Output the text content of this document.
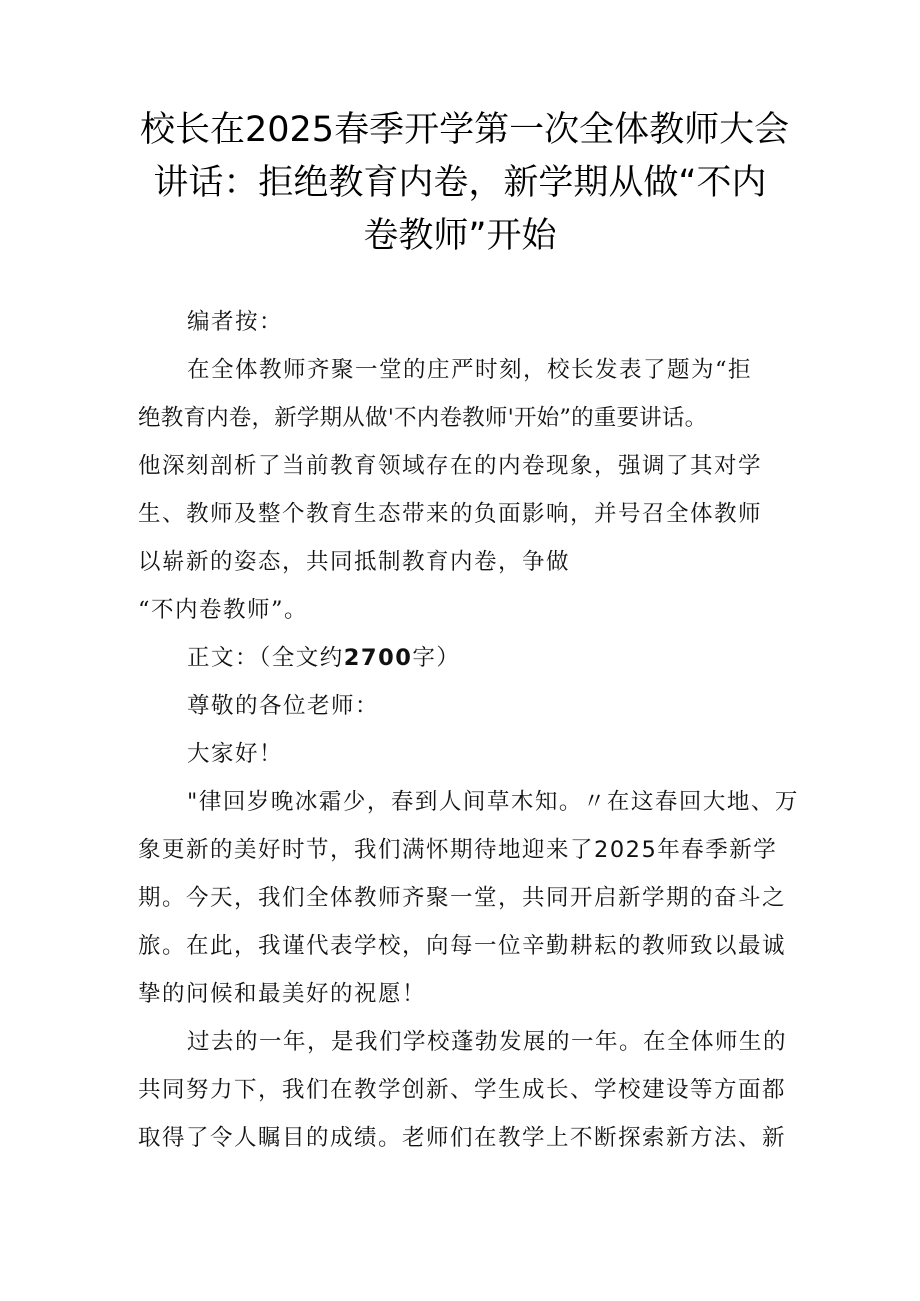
校长在2025春季开学第一次全体教师大会
讲话：拒绝教育内卷，新学期从做“不内
卷教师”开始
编者按：
在全体教师齐聚一堂的庄严时刻，校长发表了题为“拒
绝教育内卷，新学期从做'不内卷教师'开始”的重要讲话。
他深刻剖析了当前教育领域存在的内卷现象，强调了其对学
生、教师及整个教育生态带来的负面影响，并号召全体教师
以崭新的姿态，共同抵制教育内卷，争做
“不内卷教师”。
正文：（全文约2700字）
尊敬的各位老师：
大家好！
"律回岁晚冰霜少，春到人间草木知。〃在这春回大地、万
象更新的美好时节，我们满怀期待地迎来了2025年春季新学
期。今天，我们全体教师齐聚一堂，共同开启新学期的奋斗之
旅。在此，我谨代表学校，向每一位辛勤耕耘的教师致以最诚
挚的问候和最美好的祝愿！
过去的一年，是我们学校蓬勃发展的一年。在全体师生的
共同努力下，我们在教学创新、学生成长、学校建设等方面都
取得了令人瞩目的成绩。老师们在教学上不断探索新方法、新
